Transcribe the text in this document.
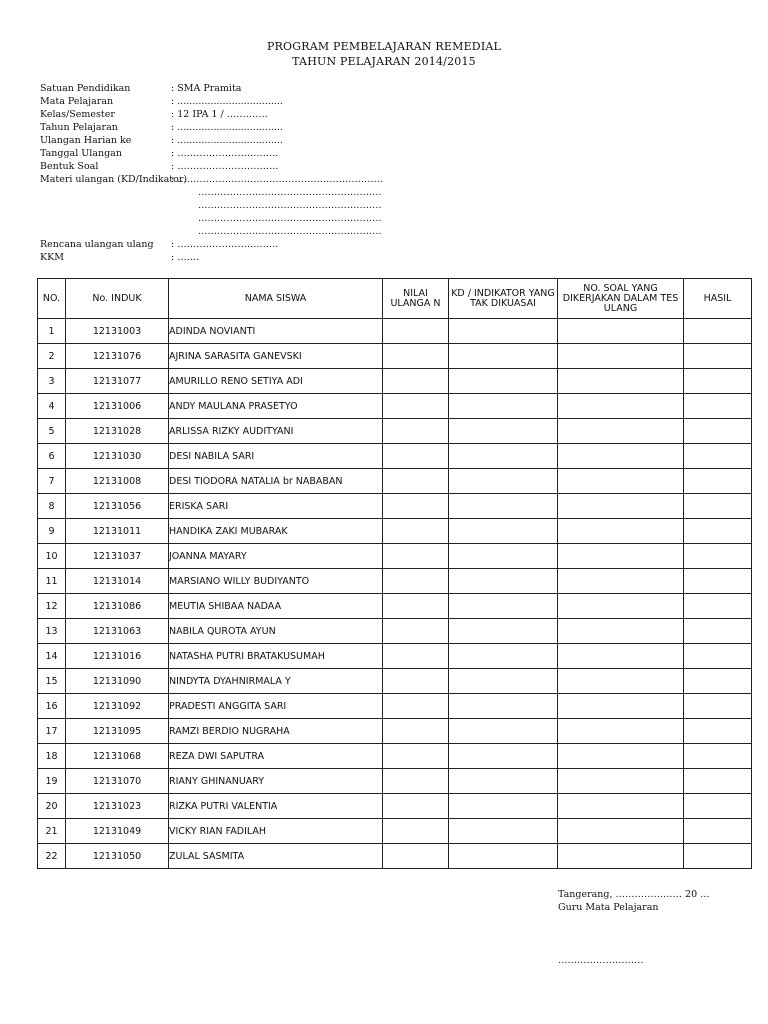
PROGRAM PEMBELAJARAN REMEDIAL
TAHUN PELAJARAN 2014/2015
Satuan Pendidikan	: SMA Pramita
Mata Pelajaran	: ...................................
Kelas/Semester	: 12 IPA 1 / ………….
Tahun Pelajaran	: ...................................
Ulangan Harian ke	: ...................................
Tanggal Ulangan	: …………………………..
Bentuk Soal	: …………………………..
Materi ulangan (KD/Indikator)
: ………………………………………………………..
………………………………………………….
………………………………………………….
………………………………………………….
………………………………………………….
Rencana ulangan ulang : …………………………..
KKM	: …….
NO.	No. INDUK	NAMA SISWA	NILAI ULANGA N	KD / INDIKATOR YANG TAK DIKUASAI	NO. SOAL YANG DIKERJAKAN DALAM TES ULANG	HASIL
1	12131003	ADINDA NOVIANTI				
2	12131076	AJRINA SARASITA GANEVSKI				
3	12131077	AMURILLO RENO SETIYA ADI				
4	12131006	ANDY MAULANA PRASETYO				
5	12131028	ARLISSA RIZKY AUDITYANI				
6	12131030	DESI NABILA SARI				
7	12131008	DESI TIODORA NATALIA br NABABAN				
8	12131056	ERISKA SARI				
9	12131011	HANDIKA ZAKI MUBARAK				
10	12131037	JOANNA MAYARY				
11	12131014	MARSIANO WILLY BUDIYANTO				
12	12131086	MEUTIA SHIBAA NADAA				
13	12131063	NABILA QUROTA AYUN				
14	12131016	NATASHA PUTRI BRATAKUSUMAH				
15	12131090	NINDYTA DYAHNIRMALA Y				
16	12131092	PRADESTI ANGGITA SARI				
17	12131095	RAMZI BERDIO NUGRAHA				
18	12131068	REZA DWI SAPUTRA				
19	12131070	RIANY GHINANUARY				
20	12131023	RIZKA PUTRI VALENTIA				
21	12131049	VICKY RIAN FADILAH				
22	12131050	ZULAL SASMITA				
Tangerang, ………………… 20 …
Guru Mata Pelajaran
………………………
